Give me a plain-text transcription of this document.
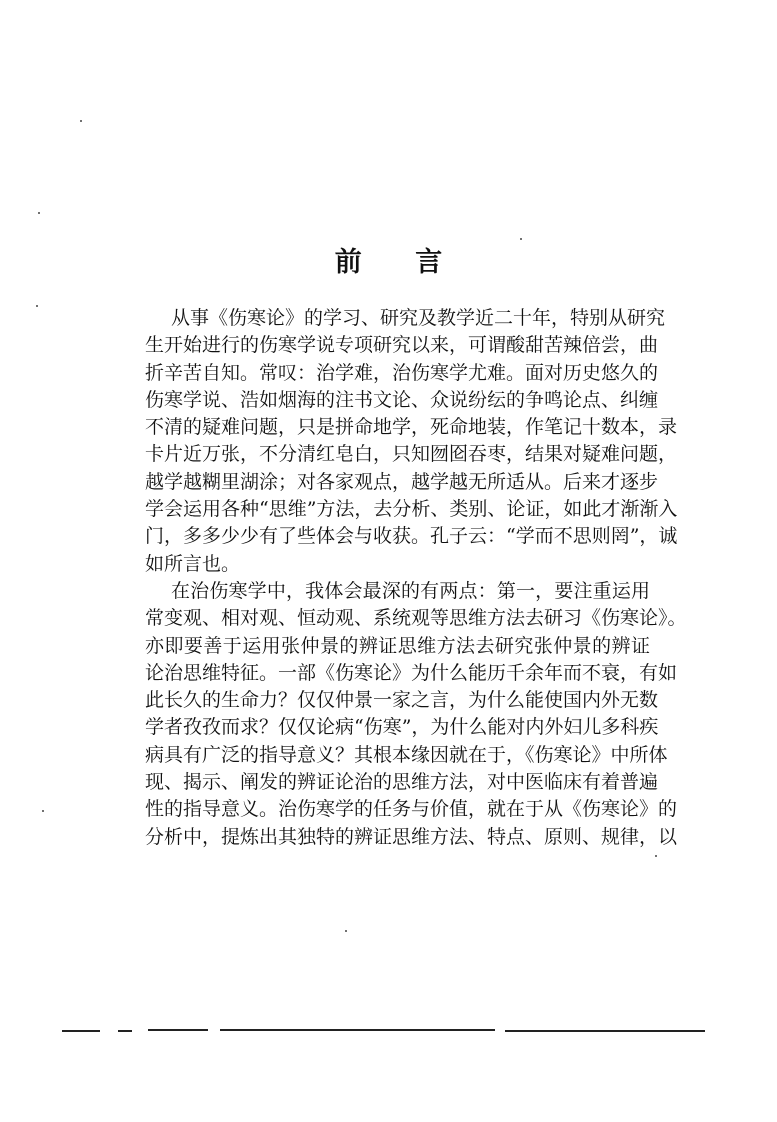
前 言
从事《伤寒论》的学习、研究及教学近二十年，特别从研究
生开始进行的伤寒学说专项研究以来，可谓酸甜苦辣倍尝，曲
折辛苦自知。常叹：治学难，治伤寒学尤难。面对历史悠久的
伤寒学说、浩如烟海的注书文论、众说纷纭的争鸣论点、纠缠
不清的疑难问题，只是拼命地学，死命地装，作笔记十数本，录
卡片近万张，不分清红皂白，只知囫囵吞枣，结果对疑难问题，
越学越糊里湖涂；对各家观点，越学越无所适从。后来才逐步
学会运用各种“思维”方法，去分析、类别、论证，如此才渐渐入
门，多多少少有了些体会与收获。孔子云：“学而不思则罔”，诚
如所言也。
在治伤寒学中，我体会最深的有两点：第一，要注重运用
常变观、相对观、恒动观、系统观等思维方法去研习《伤寒论》。
亦即要善于运用张仲景的辨证思维方法去研究张仲景的辨证
论治思维特征。一部《伤寒论》为什么能历千余年而不衰，有如
此长久的生命力？仅仅仲景一家之言，为什么能使国内外无数
学者孜孜而求？仅仅论病“伤寒”，为什么能对内外妇儿多科疾
病具有广泛的指导意义？其根本缘因就在于，《伤寒论》中所体
现、揭示、阐发的辨证论治的思维方法，对中医临床有着普遍
性的指导意义。治伤寒学的任务与价值，就在于从《伤寒论》的
分析中，提炼出其独特的辨证思维方法、特点、原则、规律，以
